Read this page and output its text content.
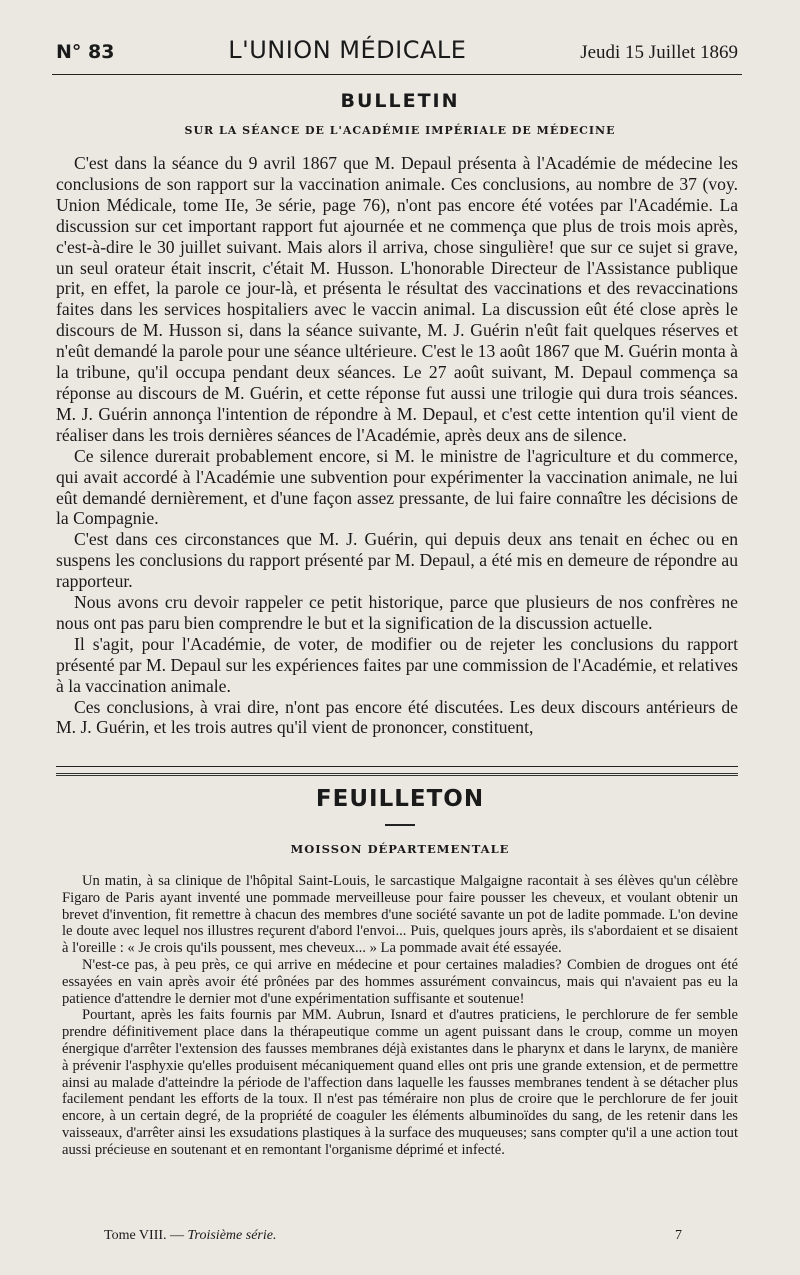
N° 83	L'UNION MÉDICALE	Jeudi 15 Juillet 1869
BULLETIN
SUR LA SÉANCE DE L'ACADÉMIE IMPÉRIALE DE MÉDECINE

C'est dans la séance du 9 avril 1867 que M. Depaul présenta à l'Académie de médecine les conclusions de son rapport sur la vaccination animale. Ces conclusions, au nombre de 37 (voy. Union Médicale, tome IIe, 3e série, page 76), n'ont pas encore été votées par l'Académie. La discussion sur cet important rapport fut ajournée et ne commença que plus de trois mois après, c'est-à-dire le 30 juillet suivant. Mais alors il arriva, chose singulière! que sur ce sujet si grave, un seul orateur était inscrit, c'était M. Husson. L'honorable Directeur de l'Assistance publique prit, en effet, la parole ce jour-là, et présenta le résultat des vaccinations et des revaccinations faites dans les services hospitaliers avec le vaccin animal. La discussion eût été close après le discours de M. Husson si, dans la séance suivante, M. J. Guérin n'eût fait quelques réserves et n'eût demandé la parole pour une séance ultérieure. C'est le 13 août 1867 que M. Guérin monta à la tribune, qu'il occupa pendant deux séances. Le 27 août suivant, M. Depaul commença sa réponse au discours de M. Guérin, et cette réponse fut aussi une trilogie qui dura trois séances. M. J. Guérin annonça l'intention de répondre à M. Depaul, et c'est cette intention qu'il vient de réaliser dans les trois dernières séances de l'Académie, après deux ans de silence.

Ce silence durerait probablement encore, si M. le ministre de l'agriculture et du commerce, qui avait accordé à l'Académie une subvention pour expérimenter la vaccination animale, ne lui eût demandé dernièrement, et d'une façon assez pressante, de lui faire connaître les décisions de la Compagnie.

C'est dans ces circonstances que M. J. Guérin, qui depuis deux ans tenait en échec ou en suspens les conclusions du rapport présenté par M. Depaul, a été mis en demeure de répondre au rapporteur.

Nous avons cru devoir rappeler ce petit historique, parce que plusieurs de nos confrères ne nous ont pas paru bien comprendre le but et la signification de la discussion actuelle.

Il s'agit, pour l'Académie, de voter, de modifier ou de rejeter les conclusions du rapport présenté par M. Depaul sur les expériences faites par une commission de l'Académie, et relatives à la vaccination animale.

Ces conclusions, à vrai dire, n'ont pas encore été discutées. Les deux discours antérieurs de M. J. Guérin, et les trois autres qu'il vient de prononcer, constituent,

FEUILLETON
MOISSON DÉPARTEMENTALE

Un matin, à sa clinique de l'hôpital Saint-Louis, le sarcastique Malgaigne racontait à ses élèves qu'un célèbre Figaro de Paris ayant inventé une pommade merveilleuse pour faire pousser les cheveux, et voulant obtenir un brevet d'invention, fit remettre à chacun des membres d'une société savante un pot de ladite pommade. L'on devine le doute avec lequel nos illustres reçurent d'abord l'envoi... Puis, quelques jours après, ils s'abordaient et se disaient à l'oreille : « Je crois qu'ils poussent, mes cheveux... » La pommade avait été essayée.

N'est-ce pas, à peu près, ce qui arrive en médecine et pour certaines maladies? Combien de drogues ont été essayées en vain après avoir été prônées par des hommes assurément convaincus, mais qui n'avaient pas eu la patience d'attendre le dernier mot d'une expérimentation suffisante et soutenue!

Pourtant, après les faits fournis par MM. Aubrun, Isnard et d'autres praticiens, le perchlorure de fer semble prendre définitivement place dans la thérapeutique comme un agent puissant dans le croup, comme un moyen énergique d'arrêter l'extension des fausses membranes déjà existantes dans le pharynx et dans le larynx, de manière à prévenir l'asphyxie qu'elles produisent mécaniquement quand elles ont pris une grande extension, et de permettre ainsi au malade d'atteindre la période de l'affection dans laquelle les fausses membranes tendent à se détacher plus facilement pendant les efforts de la toux. Il n'est pas téméraire non plus de croire que le perchlorure de fer jouit encore, à un certain degré, de la propriété de coaguler les éléments albuminoïdes du sang, de les retenir dans les vaisseaux, d'arrêter ainsi les exsudations plastiques à la surface des muqueuses; sans compter qu'il a une action tout aussi précieuse en soutenant et en remontant l'organisme déprimé et infecté.

Tome VIII. — Troisième série.	7
